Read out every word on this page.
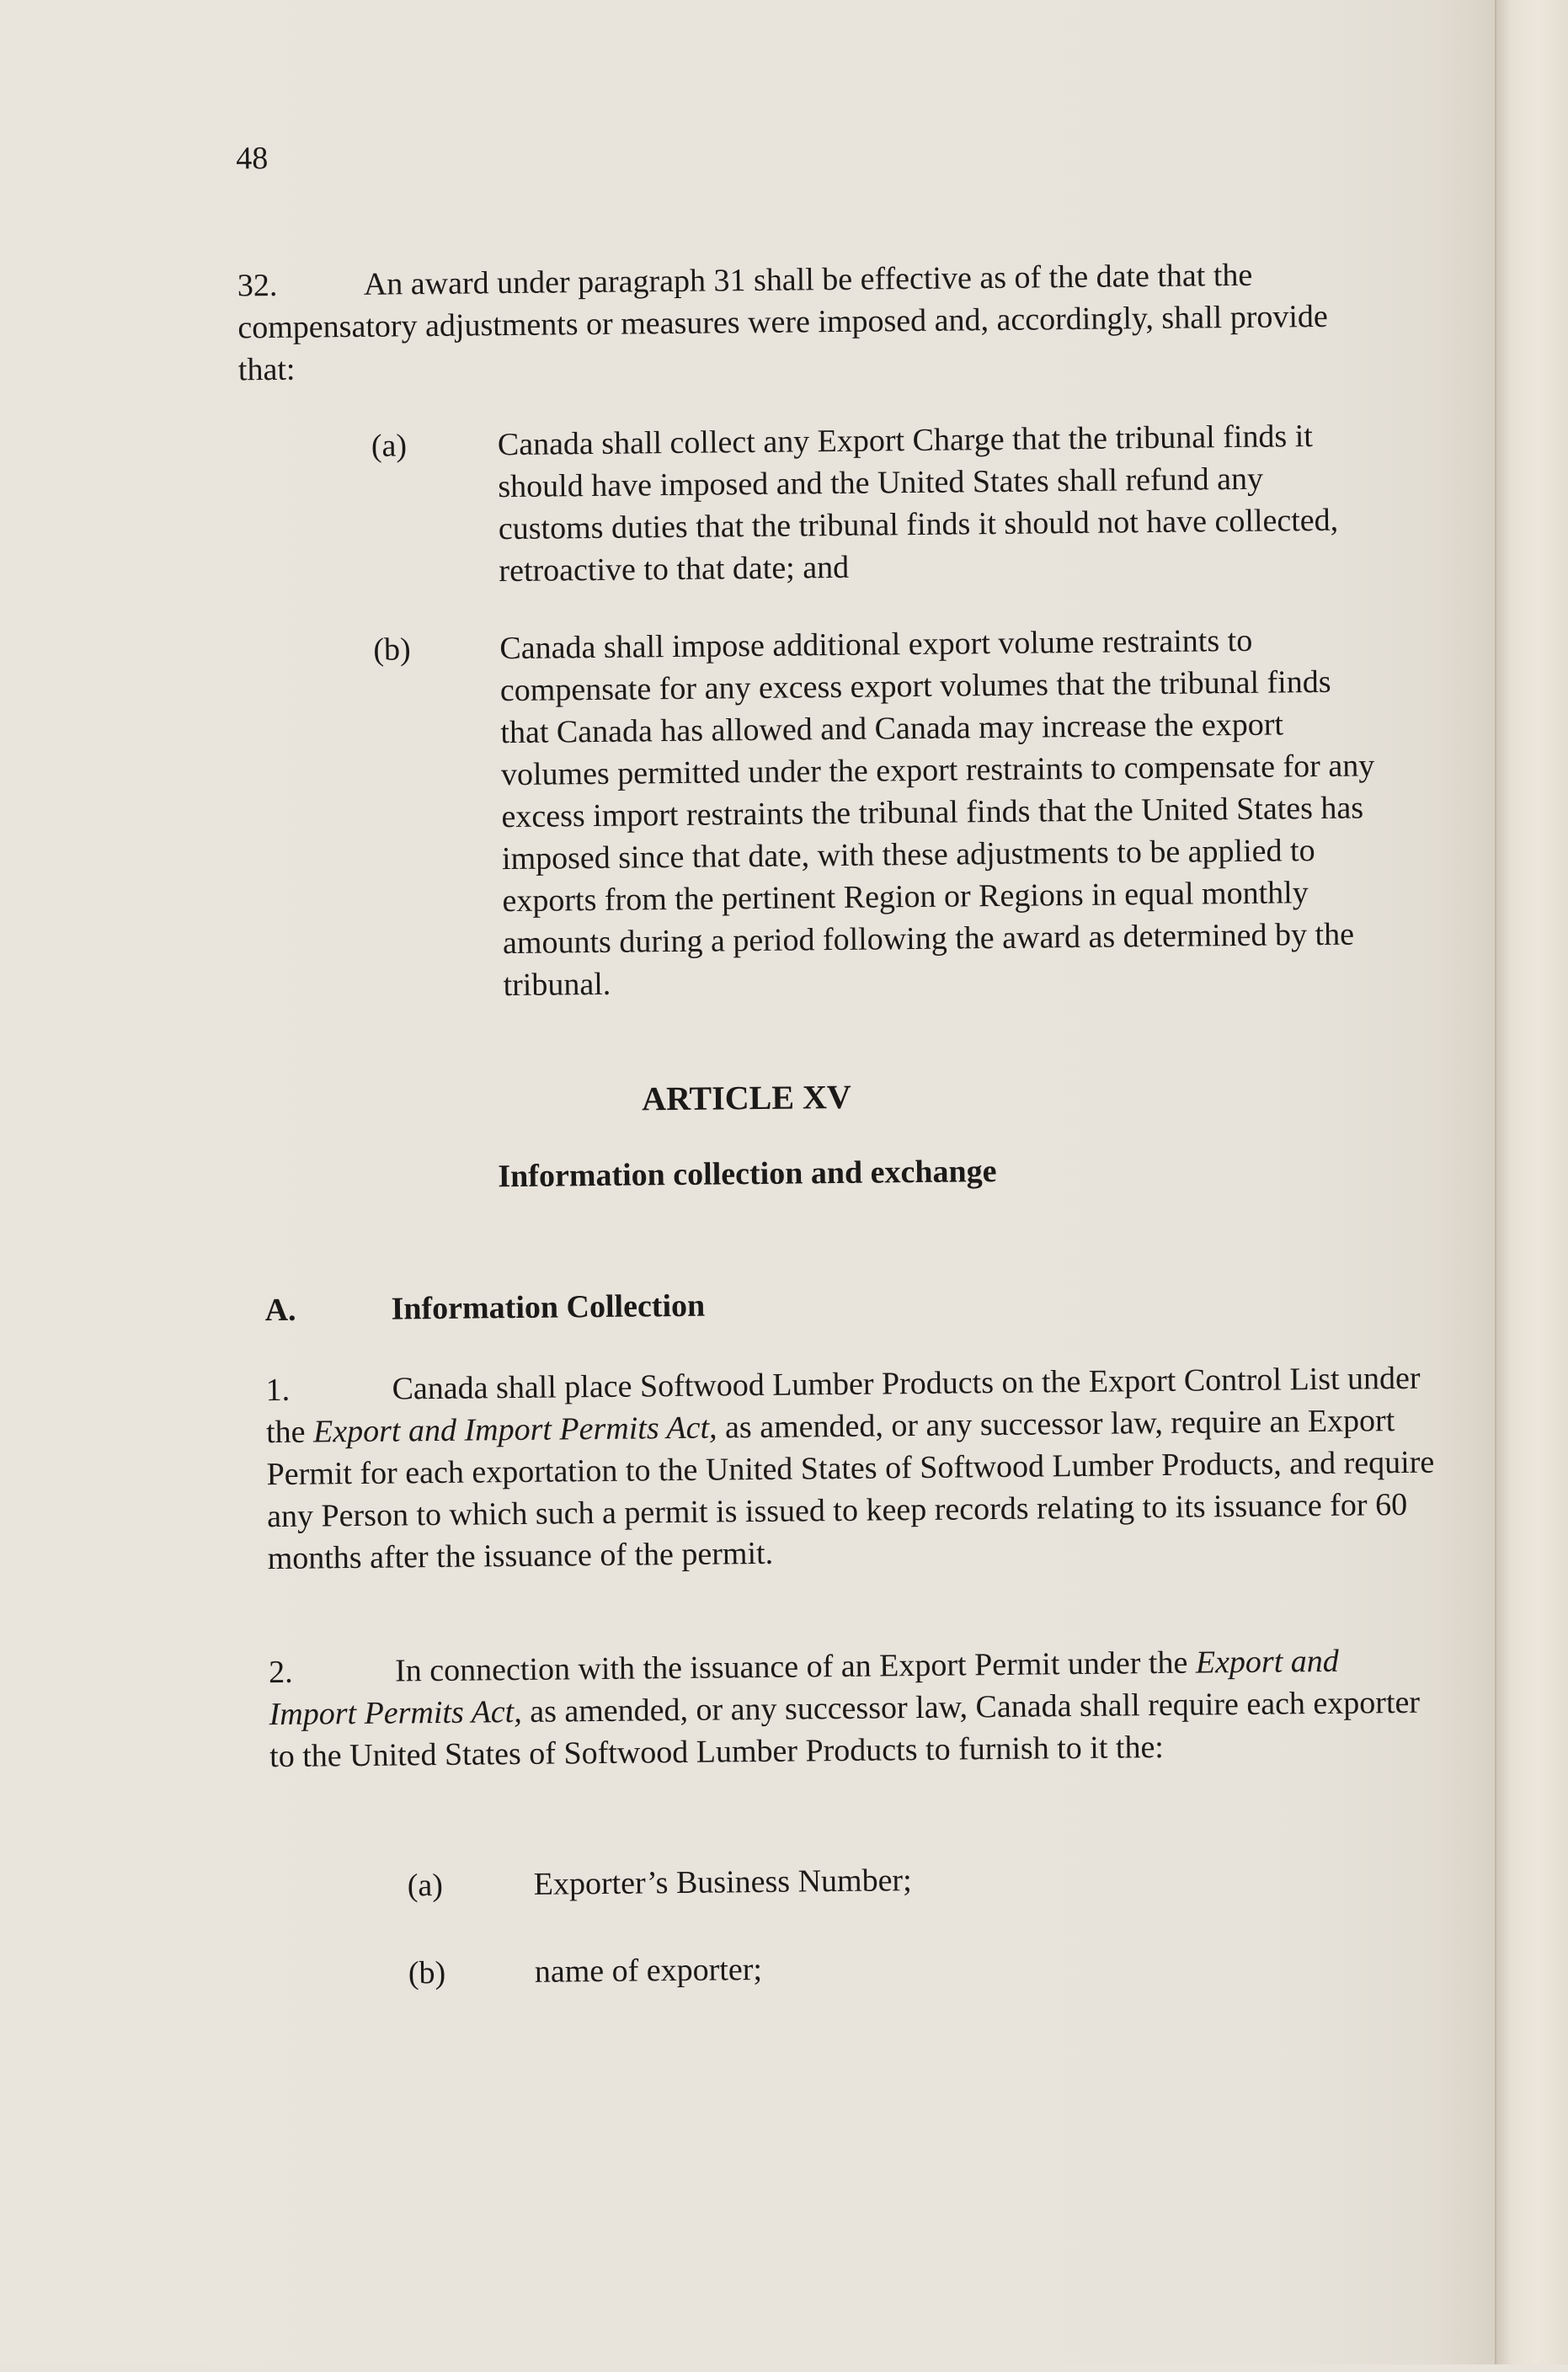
48

32.	An award under paragraph 31 shall be effective as of the date that the compensatory adjustments or measures were imposed and, accordingly, shall provide that:

(a)	Canada shall collect any Export Charge that the tribunal finds it should have imposed and the United States shall refund any customs duties that the tribunal finds it should not have collected, retroactive to that date; and
(b)	Canada shall impose additional export volume restraints to compensate for any excess export volumes that the tribunal finds that Canada has allowed and Canada may increase the export volumes permitted under the export restraints to compensate for any excess import restraints the tribunal finds that the United States has imposed since that date, with these adjustments to be applied to exports from the pertinent Region or Regions in equal monthly amounts during a period following the award as determined by the tribunal.
ARTICLE XV
Information collection and exchange
A.	Information Collection

1.	Canada shall place Softwood Lumber Products on the Export Control List under the Export and Import Permits Act, as amended, or any successor law, require an Export Permit for each exportation to the United States of Softwood Lumber Products, and require any Person to which such a permit is issued to keep records relating to its issuance for 60 months after the issuance of the permit.

2.	In connection with the issuance of an Export Permit under the Export and Import Permits Act, as amended, or any successor law, Canada shall require each exporter to the United States of Softwood Lumber Products to furnish to it the:

(a)	Exporter’s Business Number;
(b)	name of exporter;
